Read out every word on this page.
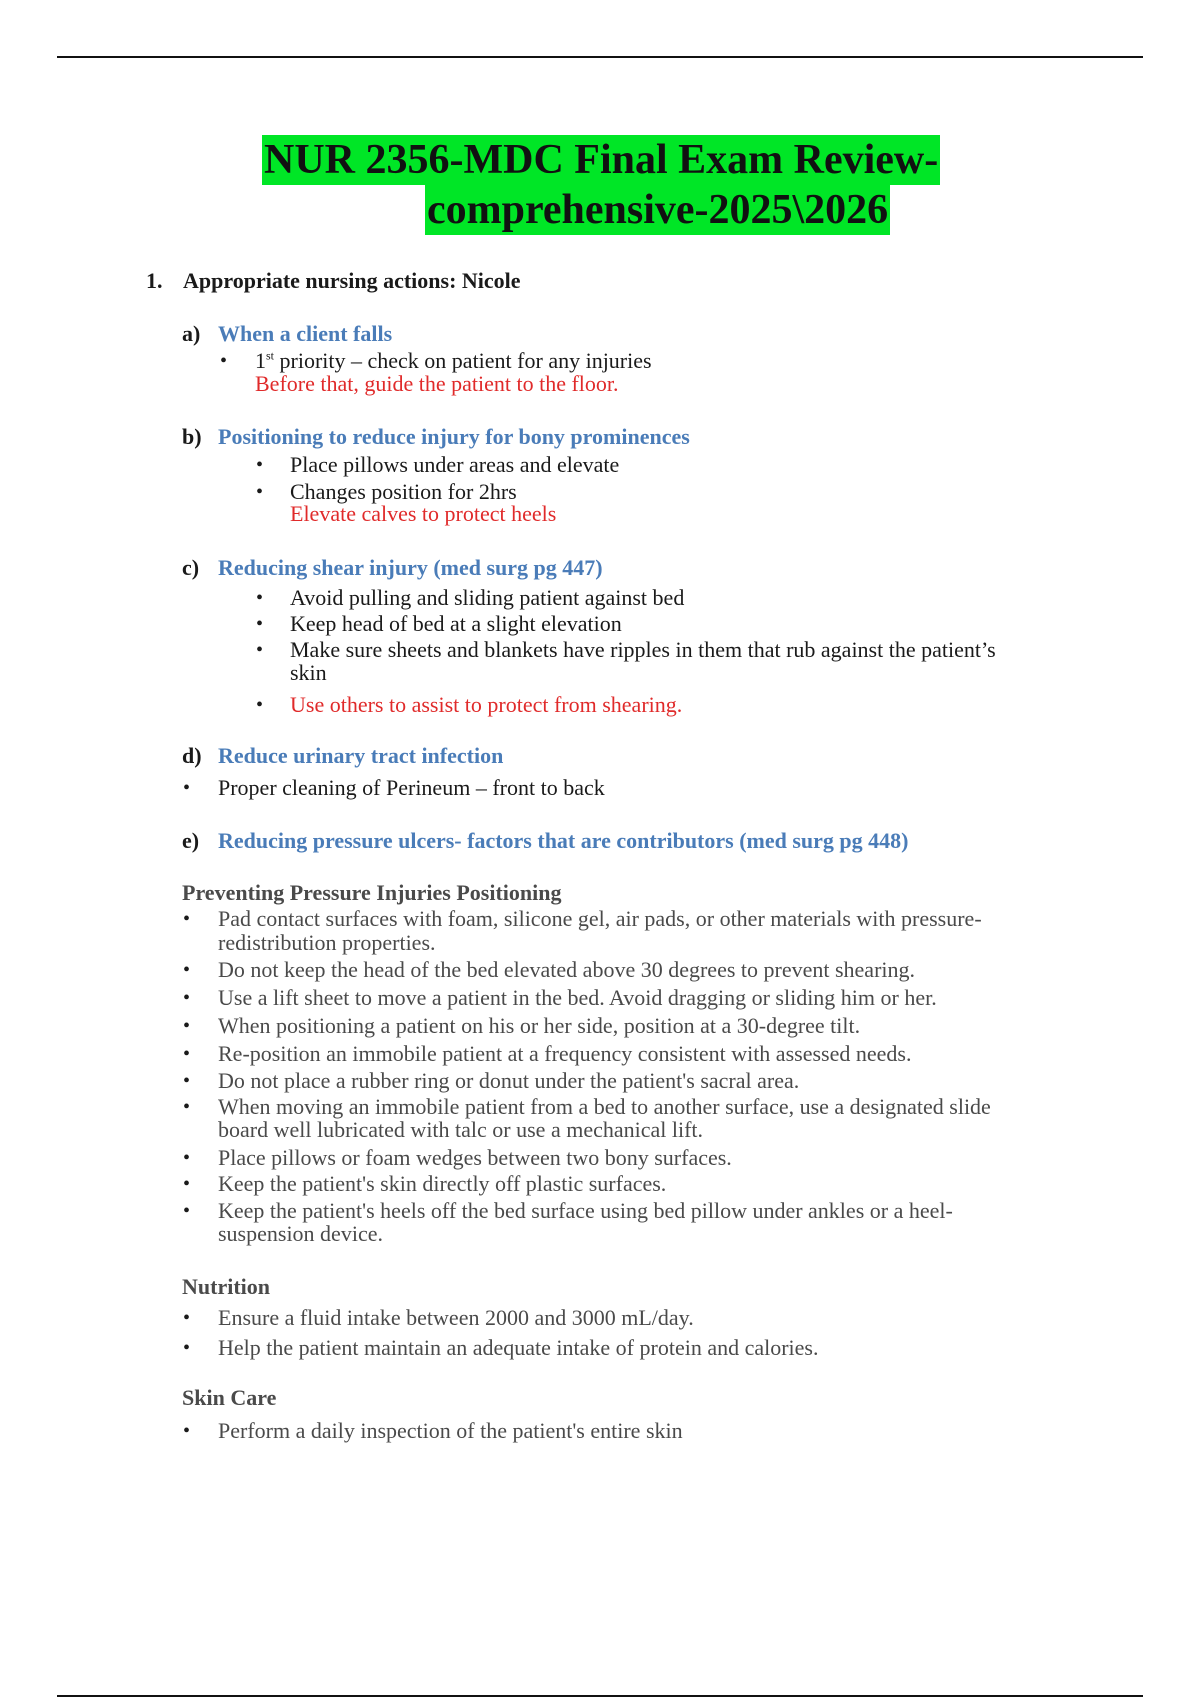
NUR 2356-MDC Final Exam Review-
comprehensive-2025\2026
1. Appropriate nursing actions: Nicole
a) When a client falls
• 1st priority – check on patient for any injuries
Before that, guide the patient to the floor.
b) Positioning to reduce injury for bony prominences
• Place pillows under areas and elevate
• Changes position for 2hrs
Elevate calves to protect heels
c) Reducing shear injury (med surg pg 447)
• Avoid pulling and sliding patient against bed
• Keep head of bed at a slight elevation
• Make sure sheets and blankets have ripples in them that rub against the patient’s
skin
• Use others to assist to protect from shearing.
d) Reduce urinary tract infection
• Proper cleaning of Perineum – front to back
e) Reducing pressure ulcers- factors that are contributors (med surg pg 448)
Preventing Pressure Injuries Positioning
• Pad contact surfaces with foam, silicone gel, air pads, or other materials with pressure-
redistribution properties.
• Do not keep the head of the bed elevated above 30 degrees to prevent shearing.
• Use a lift sheet to move a patient in the bed. Avoid dragging or sliding him or her.
• When positioning a patient on his or her side, position at a 30-degree tilt.
• Re-position an immobile patient at a frequency consistent with assessed needs.
• Do not place a rubber ring or donut under the patient's sacral area.
• When moving an immobile patient from a bed to another surface, use a designated slide
board well lubricated with talc or use a mechanical lift.
• Place pillows or foam wedges between two bony surfaces.
• Keep the patient's skin directly off plastic surfaces.
• Keep the patient's heels off the bed surface using bed pillow under ankles or a heel-
suspension device.
Nutrition
• Ensure a fluid intake between 2000 and 3000 mL/day.
• Help the patient maintain an adequate intake of protein and calories.
Skin Care
• Perform a daily inspection of the patient's entire skin
